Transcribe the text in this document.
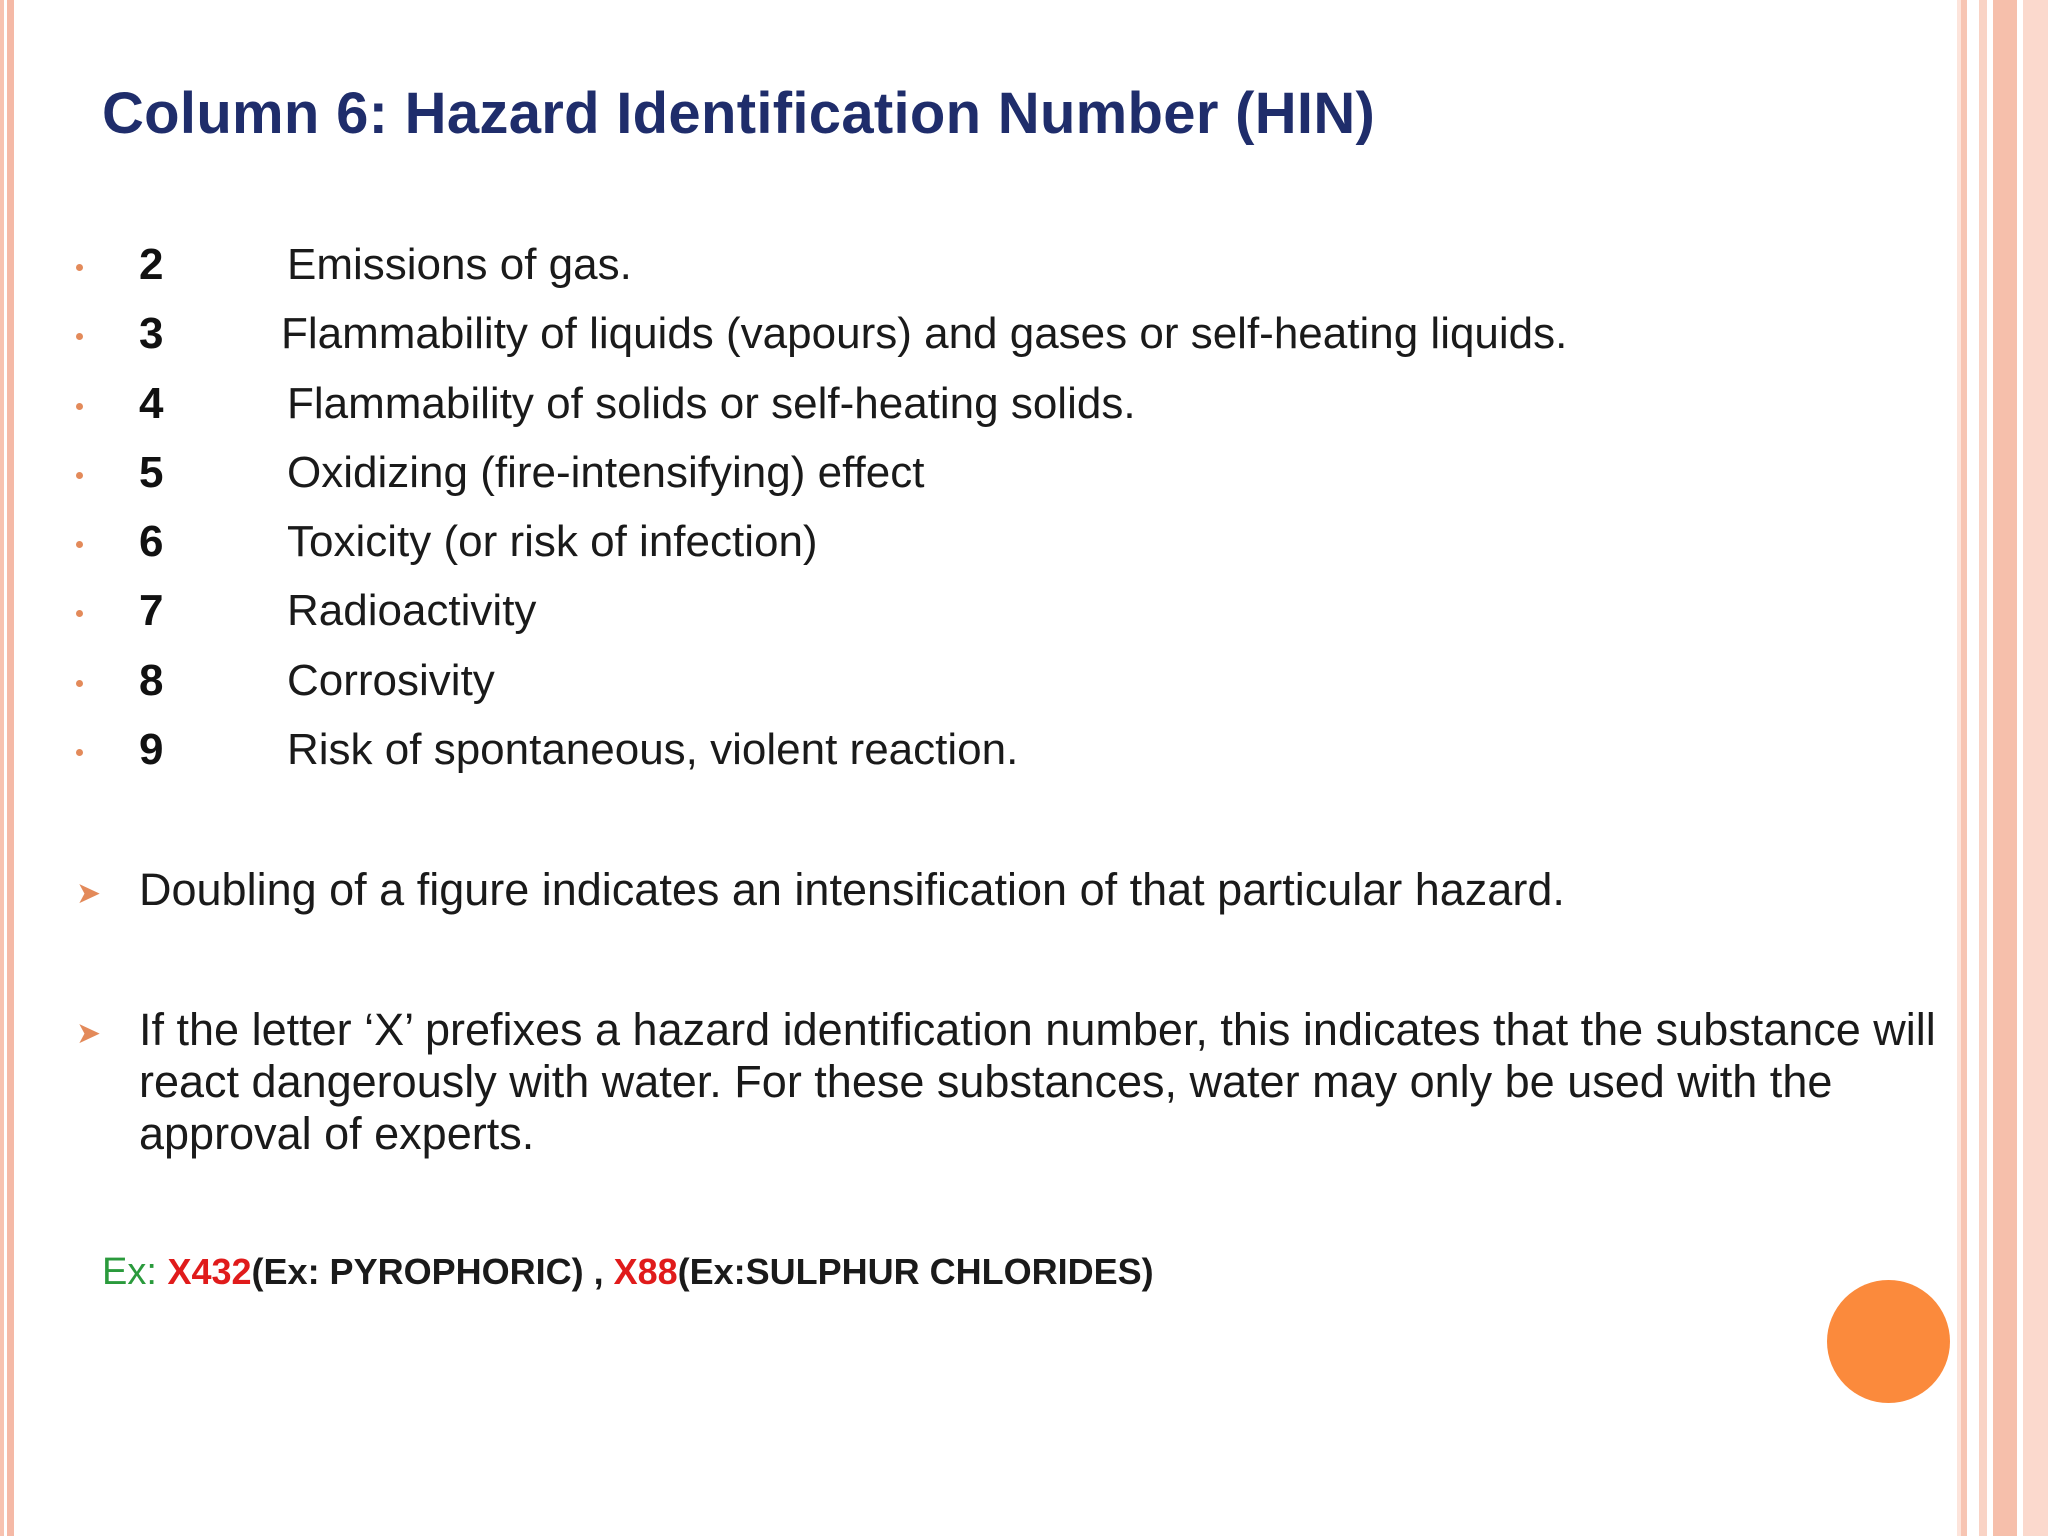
Column 6: Hazard Identification Number (HIN)
2	Emissions of gas.
3	Flammability of liquids (vapours) and gases or self-heating liquids.
4	Flammability of solids or self-heating solids.
5	Oxidizing (fire-intensifying) effect
6	Toxicity (or risk of infection)
7	Radioactivity
8	Corrosivity
9	Risk of spontaneous, violent reaction.
➤ Doubling of a figure indicates an intensification of that particular hazard.
➤ If the letter ‘X’ prefixes a hazard identification number, this indicates that the substance will react dangerously with water. For these substances, water may only be used with the approval of experts.
Ex: X432(Ex: PYROPHORIC) , X88(Ex:SULPHUR CHLORIDES)
